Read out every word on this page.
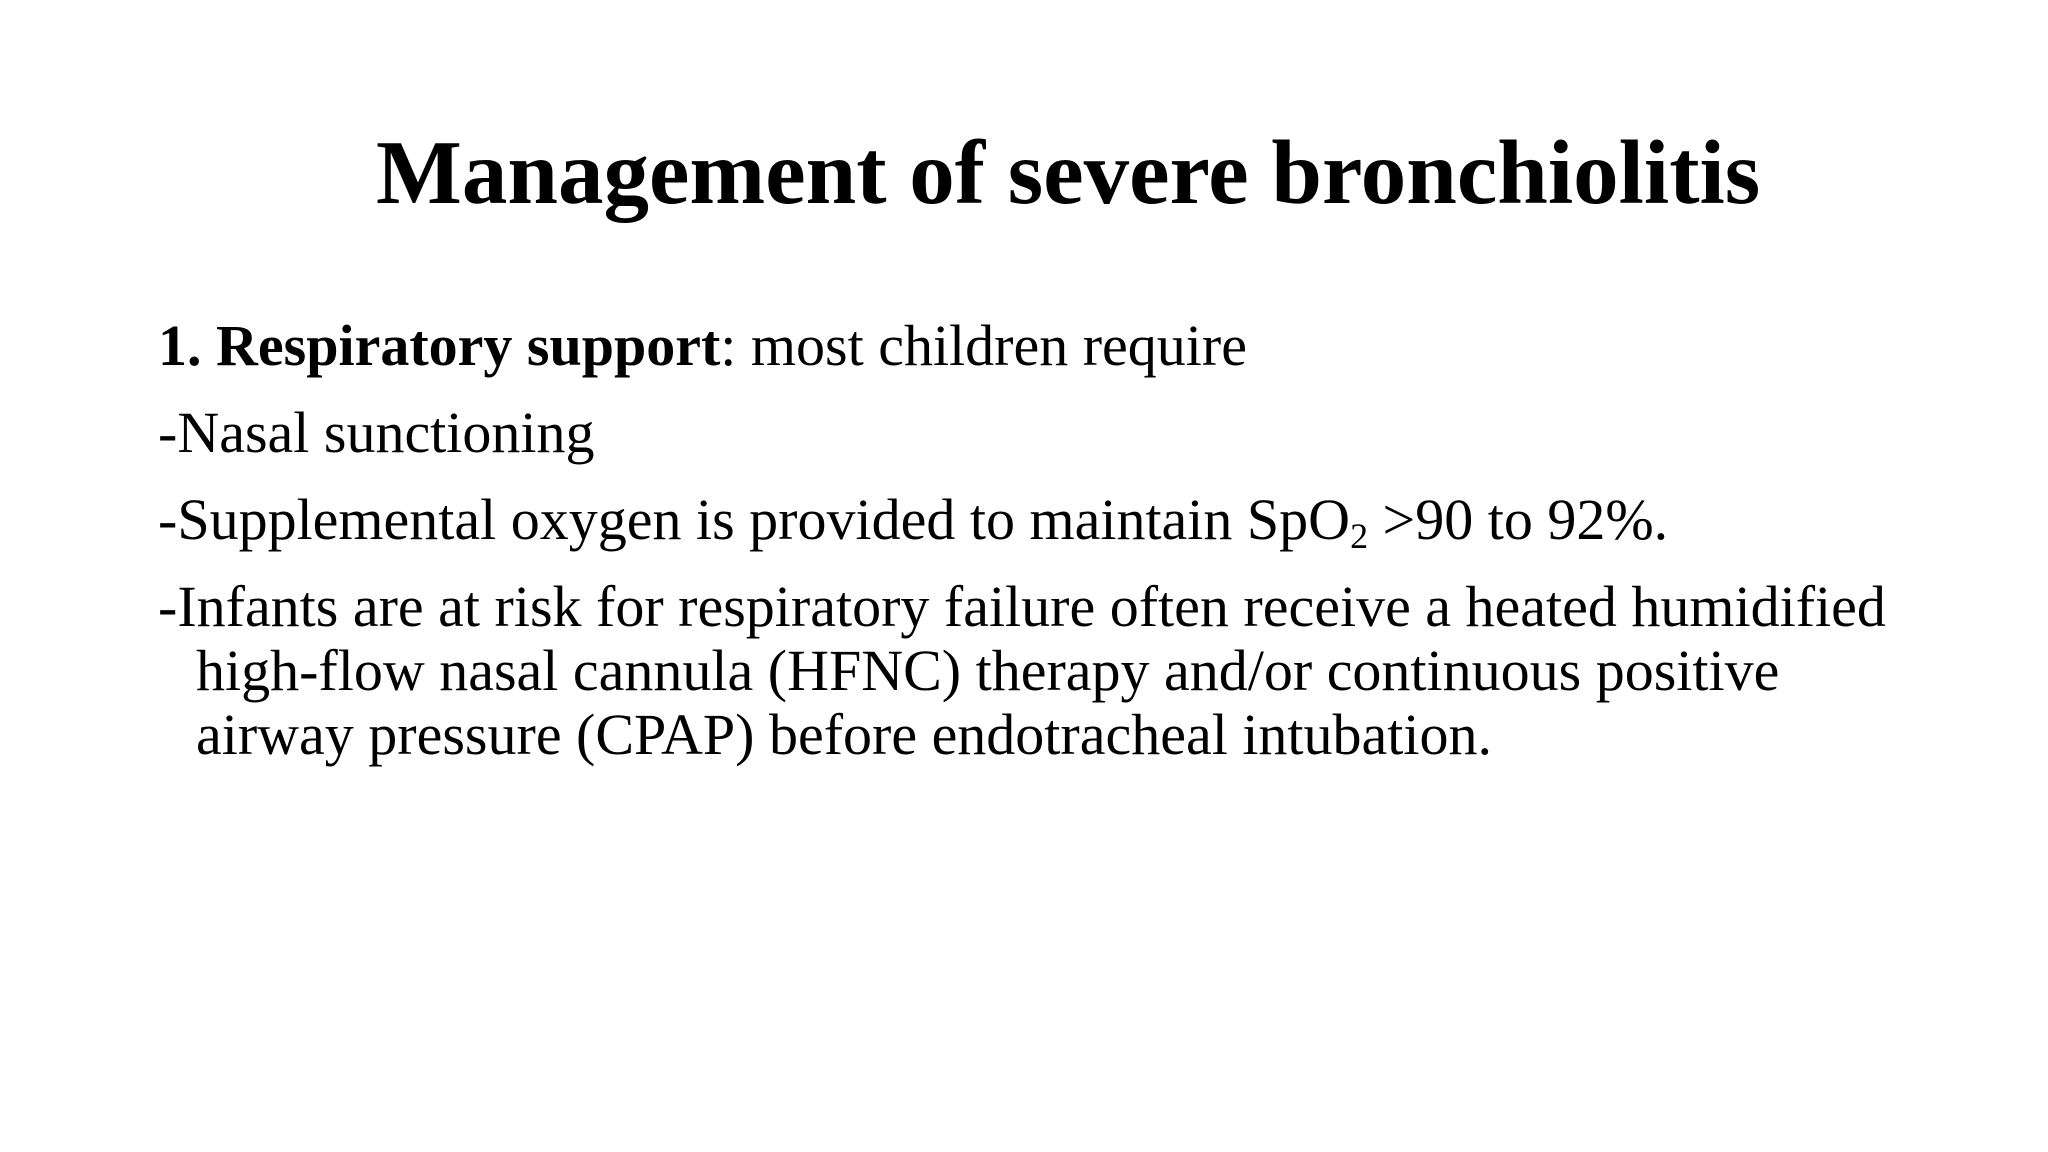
Management of severe bronchiolitis

1. Respiratory support: most children require

-Nasal sunctioning

-Supplemental oxygen is provided to maintain SpO$_2$ >90 to 92%.

-Infants are at risk for respiratory failure often receive a heated humidified high-flow nasal cannula (HFNC) therapy and/or continuous positive airway pressure (CPAP) before endotracheal intubation.
